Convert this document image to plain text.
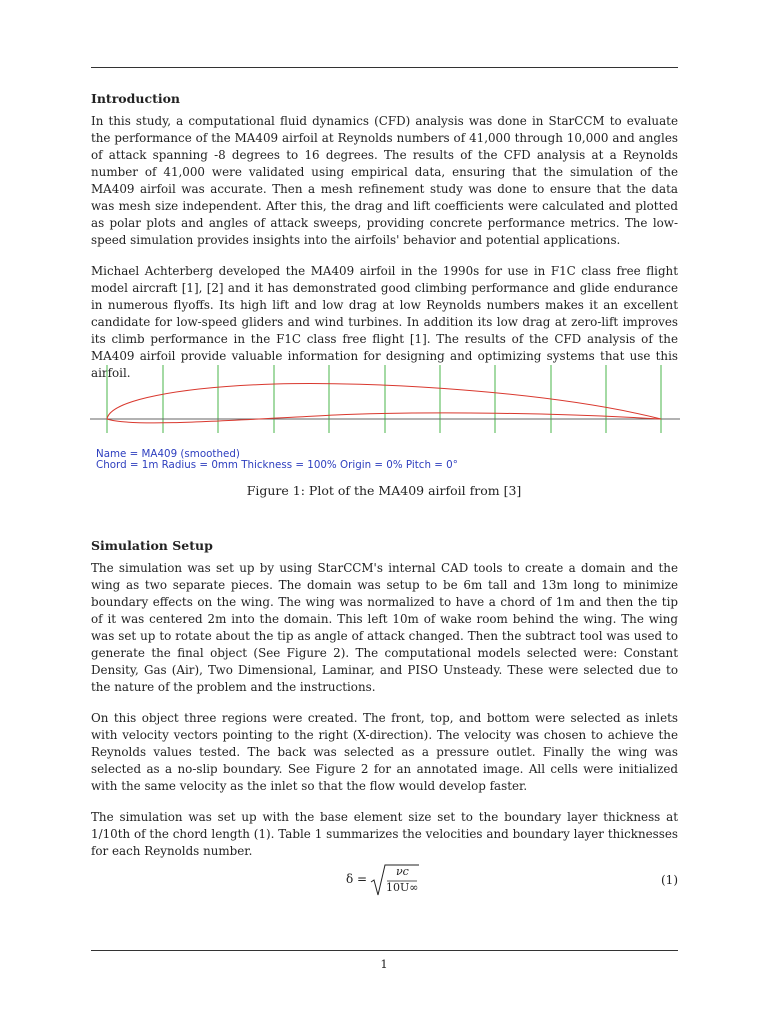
Introduction

In this study, a computational fluid dynamics (CFD) analysis was done in StarCCM to evaluate the performance of the MA409 airfoil at Reynolds numbers of 41,000 through 10,000 and angles of attack spanning -8 degrees to 16 degrees. The results of the CFD analysis at a Reynolds number of 41,000 were validated using empirical data, ensuring that the simulation of the MA409 airfoil was accurate. Then a mesh refinement study was done to ensure that the data was mesh size independent. After this, the drag and lift coefficients were calculated and plotted as polar plots and angles of attack sweeps, providing concrete performance metrics. The low-speed simulation provides insights into the airfoils' behavior and potential applications.

Michael Achterberg developed the MA409 airfoil in the 1990s for use in F1C class free flight model aircraft [1], [2] and it has demonstrated good climbing performance and glide endurance in numerous flyoffs. Its high lift and low drag at low Reynolds numbers makes it an excellent candidate for low-speed gliders and wind turbines. In addition its low drag at zero-lift improves its climb performance in the F1C class free flight [1]. The results of the CFD analysis of the MA409 airfoil provide valuable information for designing and optimizing systems that use this airfoil.

Name = MA409 (smoothed)
Chord = 1m Radius = 0mm Thickness = 100% Origin = 0% Pitch = 0°
Figure 1: Plot of the MA409 airfoil from [3]
Simulation Setup

The simulation was set up by using StarCCM's internal CAD tools to create a domain and the wing as two separate pieces. The domain was setup to be 6m tall and 13m long to minimize boundary effects on the wing. The wing was normalized to have a chord of 1m and then the tip of it was centered 2m into the domain. This left 10m of wake room behind the wing. The wing was set up to rotate about the tip as angle of attack changed. Then the subtract tool was used to generate the final object (See Figure 2). The computational models selected were: Constant Density, Gas (Air), Two Dimensional, Laminar, and PISO Unsteady. These were selected due to the nature of the problem and the instructions.

On this object three regions were created. The front, top, and bottom were selected as inlets with velocity vectors pointing to the right (X-direction). The velocity was chosen to achieve the Reynolds values tested. The back was selected as a pressure outlet. Finally the wing was selected as a no-slip boundary. See Figure 2 for an annotated image. All cells were initialized with the same velocity as the inlet so that the flow would develop faster.

The simulation was set up with the base element size set to the boundary layer thickness at 1/10th of the chord length (1). Table 1 summarizes the velocities and boundary layer thicknesses for each Reynolds number.

δ =
νc
10U∞
(1)
1
